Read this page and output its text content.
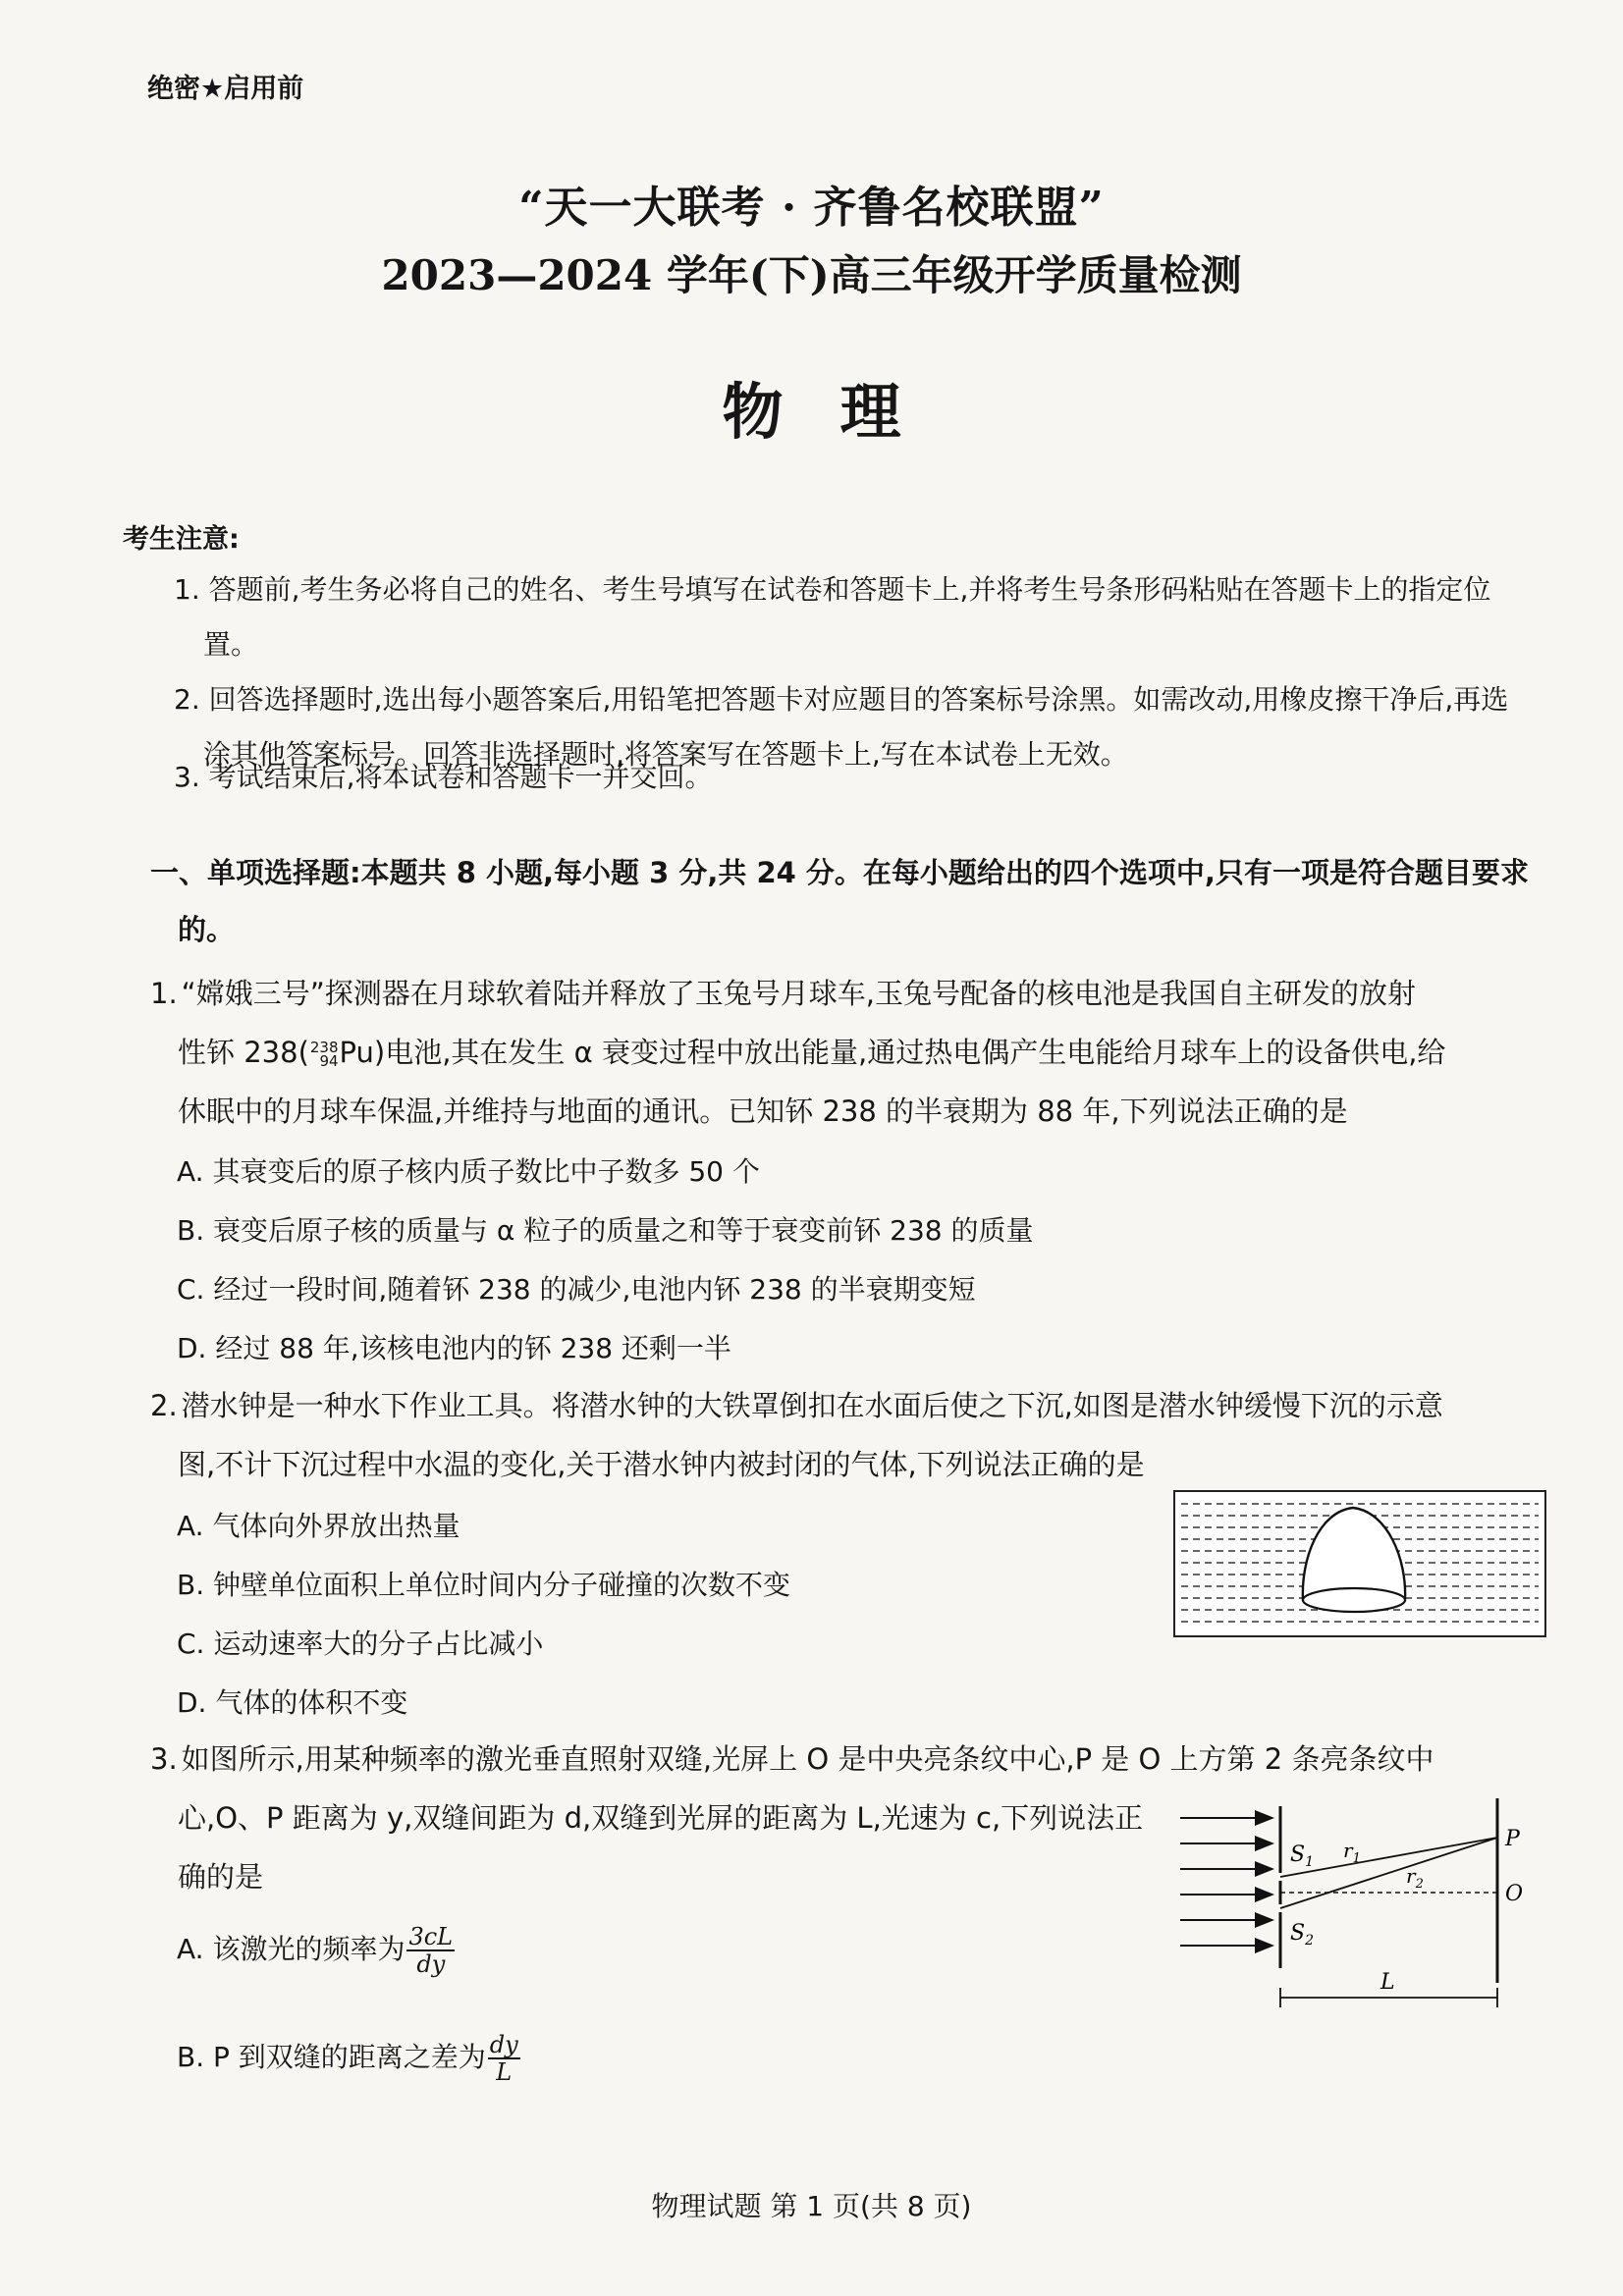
绝密★启用前
“天一大联考 · 齐鲁名校联盟”
2023—2024 学年(下)高三年级开学质量检测
物理
考生注意:
1. 答题前,考生务必将自己的姓名、考生号填写在试卷和答题卡上,并将考生号条形码粘贴在答题卡上的指定位置。
2. 回答选择题时,选出每小题答案后,用铅笔把答题卡对应题目的答案标号涂黑。如需改动,用橡皮擦干净后,再选涂其他答案标号。回答非选择题时,将答案写在答题卡上,写在本试卷上无效。
3. 考试结束后,将本试卷和答题卡一并交回。
一、单项选择题:本题共 8 小题,每小题 3 分,共 24 分。在每小题给出的四个选项中,只有一项是符合题目要求的。
1. “嫦娥三号”探测器在月球软着陆并释放了玉兔号月球车,玉兔号配备的核电池是我国自主研发的放射
性钚 238( 238
94 Pu)电池,其在发生 α 衰变过程中放出能量,通过热电偶产生电能给月球车上的设备供电,给
休眠中的月球车保温,并维持与地面的通讯。已知钚 238 的半衰期为 88 年,下列说法正确的是
A. 其衰变后的原子核内质子数比中子数多 50 个
B. 衰变后原子核的质量与 α 粒子的质量之和等于衰变前钚 238 的质量
C. 经过一段时间,随着钚 238 的减少,电池内钚 238 的半衰期变短
D. 经过 88 年,该核电池内的钚 238 还剩一半
2. 潜水钟是一种水下作业工具。将潜水钟的大铁罩倒扣在水面后使之下沉,如图是潜水钟缓慢下沉的示意
图,不计下沉过程中水温的变化,关于潜水钟内被封闭的气体,下列说法正确的是
A. 气体向外界放出热量
B. 钟壁单位面积上单位时间内分子碰撞的次数不变
C. 运动速率大的分子占比减小
D. 气体的体积不变
3. 如图所示,用某种频率的激光垂直照射双缝,光屏上 O 是中央亮条纹中心,P 是 O 上方第 2 条亮条纹中
心,O、P 距离为 y,双缝间距为 d,双缝到光屏的距离为 L,光速为 c,下列说法正
确的是
A. 该激光的频率为 $\frac{3cL}{dy}$
B. P 到双缝的距离之差为 $\frac{dy}{L}$
$S_1$
$S_2$
$r_1$
$r_2$
P
O
L
物理试题 第 1 页(共 8 页)
